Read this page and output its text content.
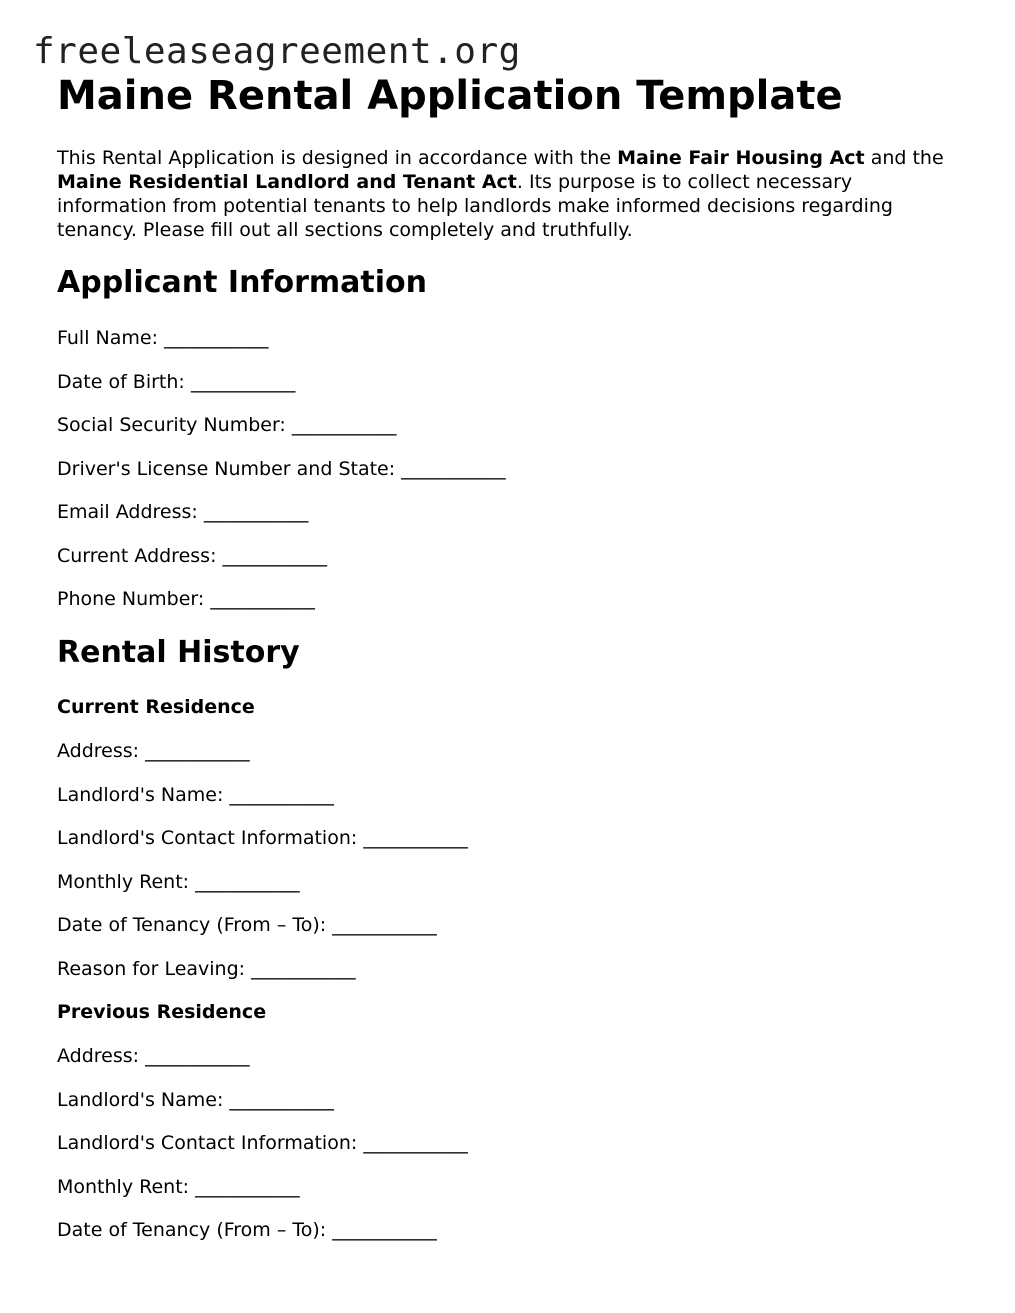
freeleaseagreement.org
Maine Rental Application Template

This Rental Application is designed in accordance with the Maine Fair Housing Act and the Maine Residential Landlord and Tenant Act. Its purpose is to collect necessary information from potential tenants to help landlords make informed decisions regarding tenancy. Please fill out all sections completely and truthfully.

Applicant Information
Full Name: ___________
Date of Birth: ___________
Social Security Number: ___________
Driver's License Number and State: ___________
Email Address: ___________
Current Address: ___________
Phone Number: ___________
Rental History
Current Residence
Address: ___________
Landlord's Name: ___________
Landlord's Contact Information: ___________
Monthly Rent: ___________
Date of Tenancy (From – To): ___________
Reason for Leaving: ___________
Previous Residence
Address: ___________
Landlord's Name: ___________
Landlord's Contact Information: ___________
Monthly Rent: ___________
Date of Tenancy (From – To): ___________
